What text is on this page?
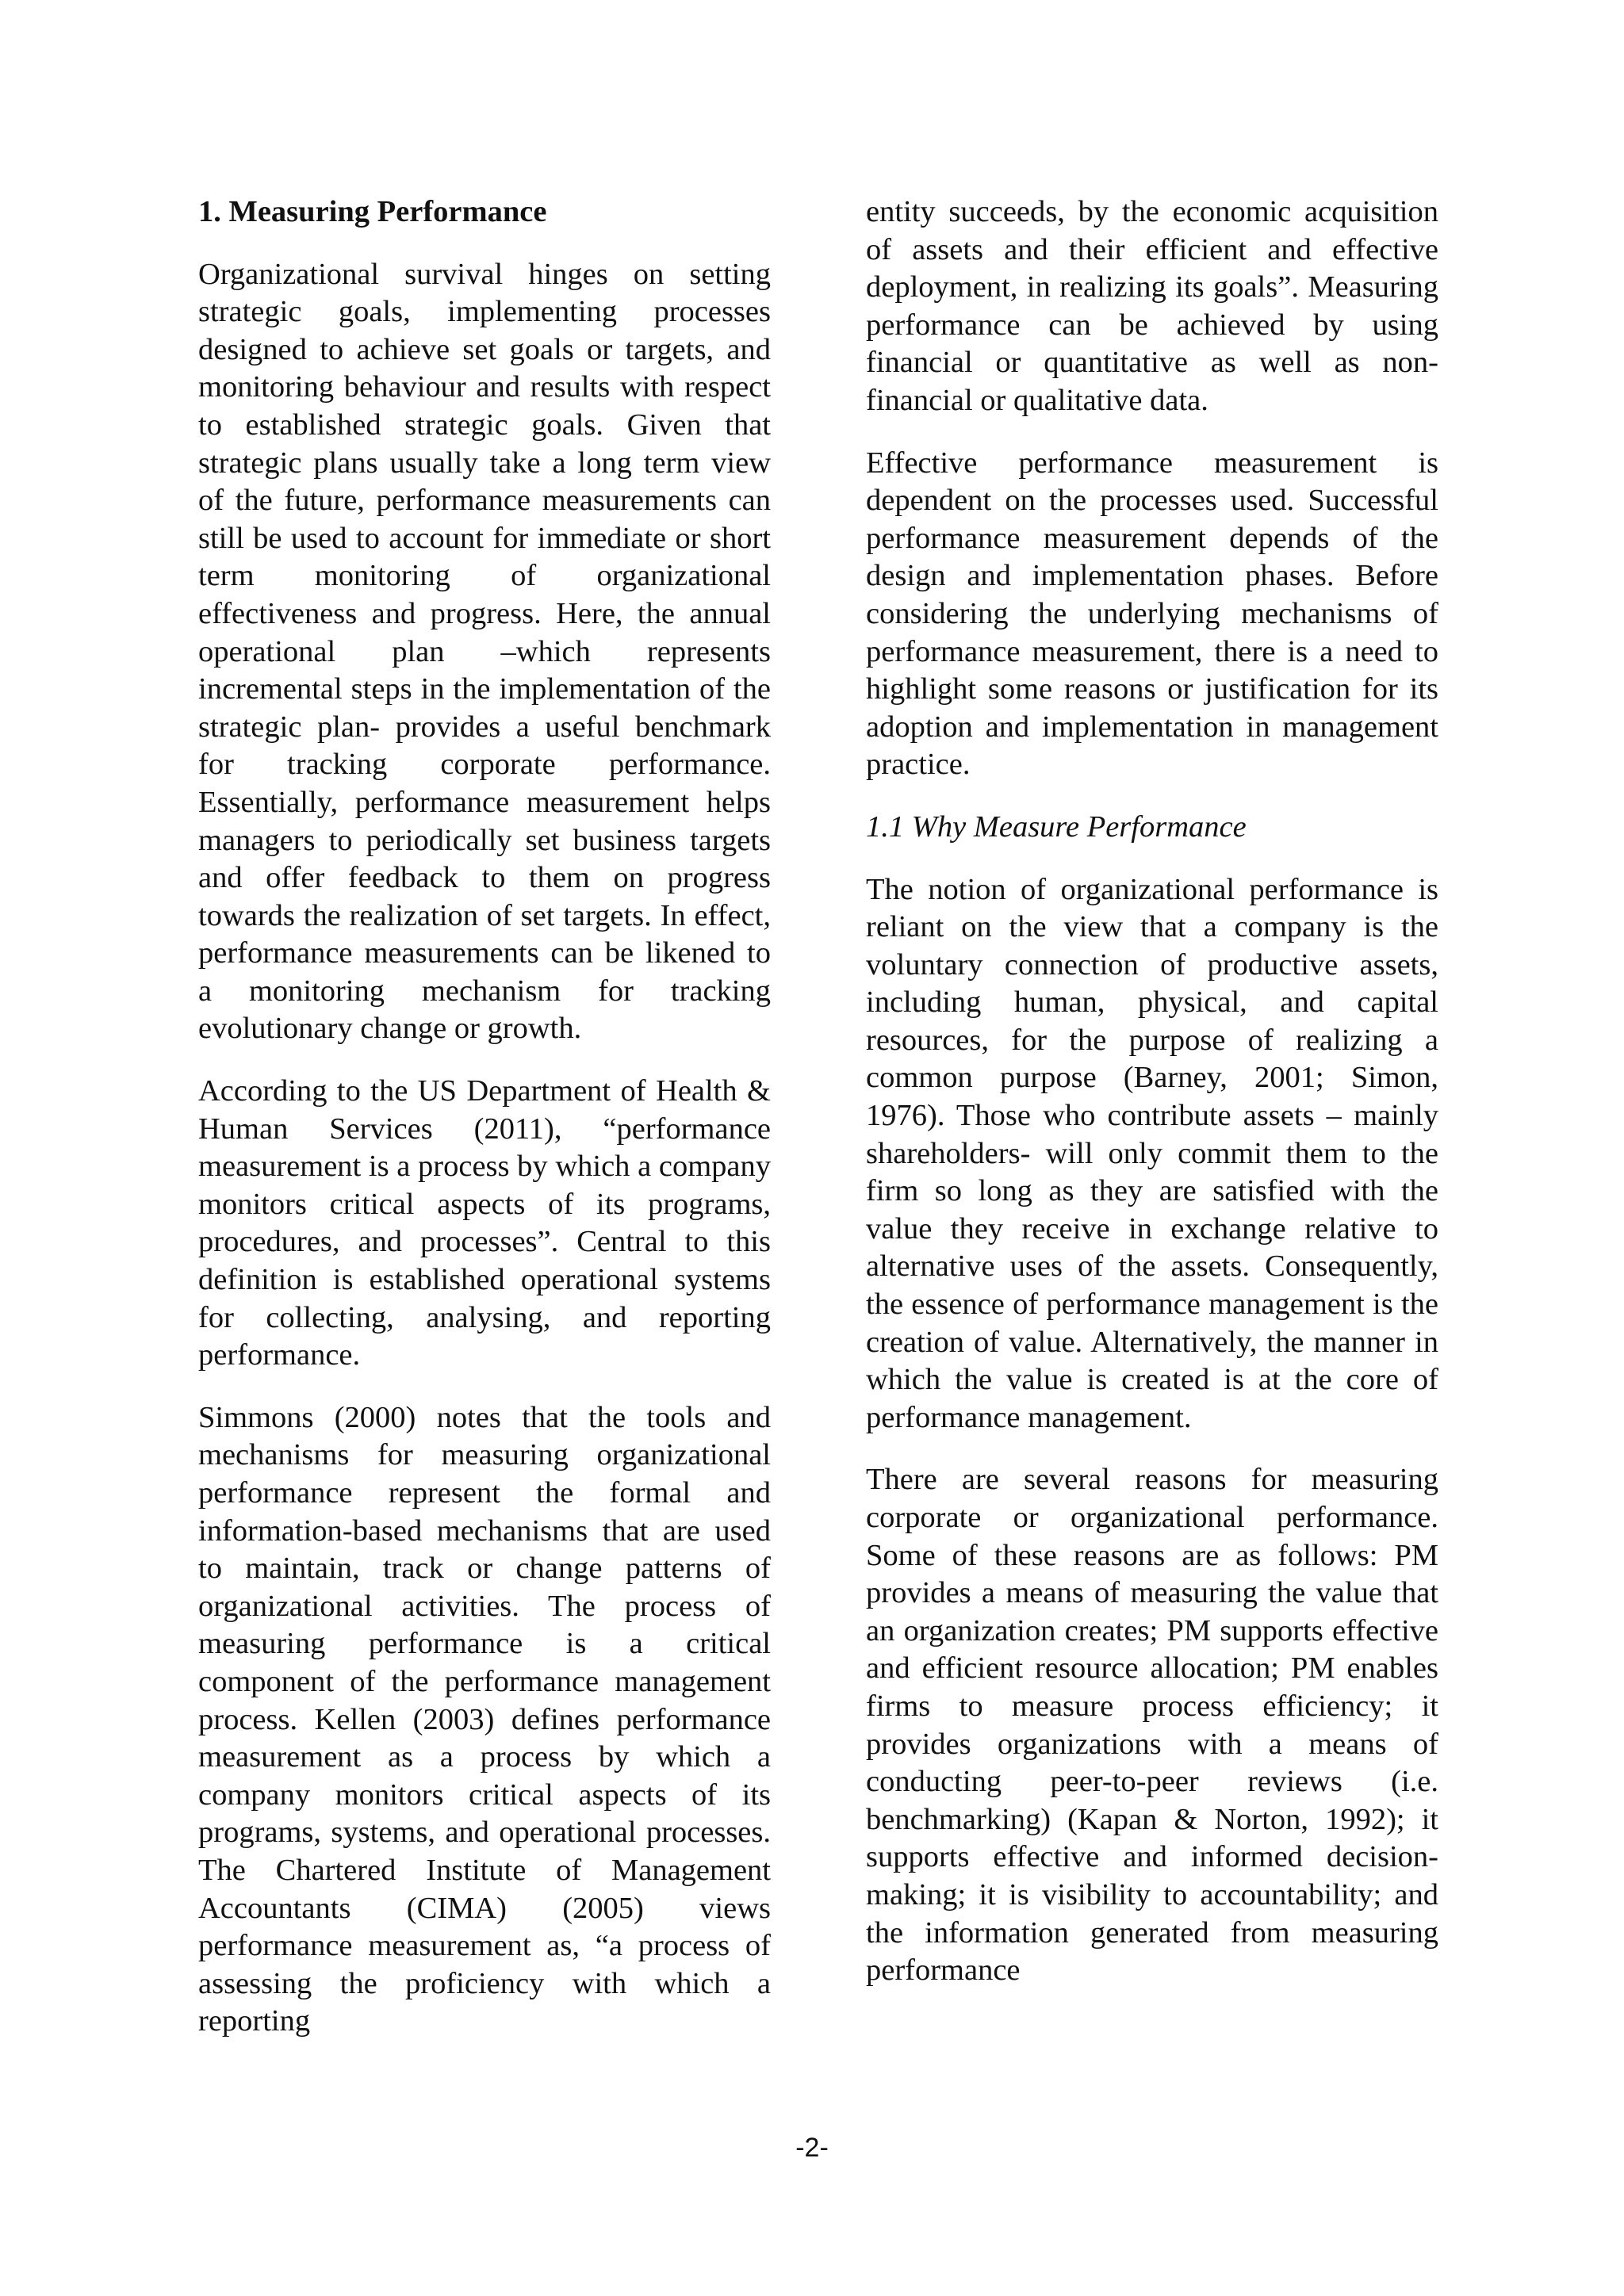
1. Measuring Performance

Organizational survival hinges on setting strategic goals, implementing processes designed to achieve set goals or targets, and monitoring behaviour and results with respect to established strategic goals. Given that strategic plans usually take a long term view of the future, performance measurements can still be used to account for immediate or short term monitoring of organizational effectiveness and progress. Here, the annual operational plan –which represents incremental steps in the implementation of the strategic plan- provides a useful benchmark for tracking corporate performance. Essentially, performance measurement helps managers to periodically set business targets and offer feedback to them on progress towards the realization of set targets. In effect, performance measurements can be likened to a monitoring mechanism for tracking evolutionary change or growth.

According to the US Department of Health & Human Services (2011), “performance measurement is a process by which a company monitors critical aspects of its programs, procedures, and processes”. Central to this definition is established operational systems for collecting, analysing, and reporting performance.

Simmons (2000) notes that the tools and mechanisms for measuring organizational performance represent the formal and information-based mechanisms that are used to maintain, track or change patterns of organizational activities. The process of measuring performance is a critical component of the performance management process. Kellen (2003) defines performance measurement as a process by which a company monitors critical aspects of its programs, systems, and operational processes. The Chartered Institute of Management Accountants (CIMA) (2005) views performance measurement as, “a process of assessing the proficiency with which a reporting

entity succeeds, by the economic acquisition of assets and their efficient and effective deployment, in realizing its goals”. Measuring performance can be achieved by using financial or quantitative as well as non-financial or qualitative data.

Effective performance measurement is dependent on the processes used. Successful performance measurement depends of the design and implementation phases. Before considering the underlying mechanisms of performance measurement, there is a need to highlight some reasons or justification for its adoption and implementation in management practice.

1.1 Why Measure Performance

The notion of organizational performance is reliant on the view that a company is the voluntary connection of productive assets, including human, physical, and capital resources, for the purpose of realizing a common purpose (Barney, 2001; Simon, 1976). Those who contribute assets – mainly shareholders- will only commit them to the firm so long as they are satisfied with the value they receive in exchange relative to alternative uses of the assets. Consequently, the essence of performance management is the creation of value. Alternatively, the manner in which the value is created is at the core of performance management.

There are several reasons for measuring corporate or organizational performance. Some of these reasons are as follows: PM provides a means of measuring the value that an organization creates; PM supports effective and efficient resource allocation; PM enables firms to measure process efficiency; it provides organizations with a means of conducting peer-to-peer reviews (i.e. benchmarking) (Kapan & Norton, 1992); it supports effective and informed decision-making; it is visibility to accountability; and the information generated from measuring performance

-2-
